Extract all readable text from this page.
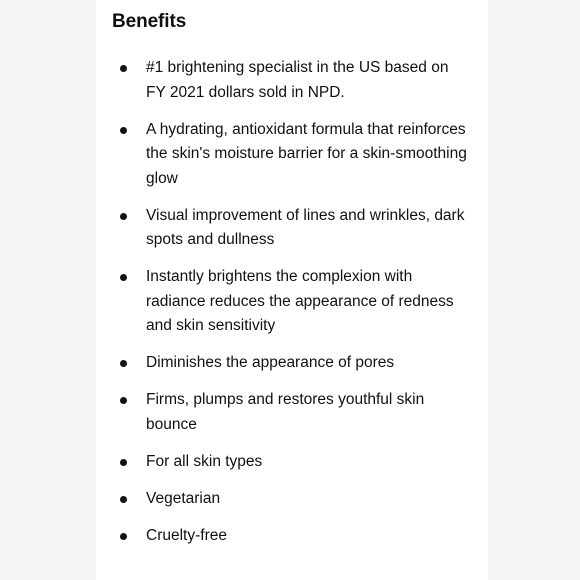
Benefits
#1 brightening specialist in the US based on FY 2021 dollars sold in NPD.
A hydrating, antioxidant formula that reinforces the skin's moisture barrier for a skin-smoothing glow
Visual improvement of lines and wrinkles, dark spots and dullness
Instantly brightens the complexion with radiance reduces the appearance of redness and skin sensitivity
Diminishes the appearance of pores
Firms, plumps and restores youthful skin bounce
For all skin types
Vegetarian
Cruelty-free
